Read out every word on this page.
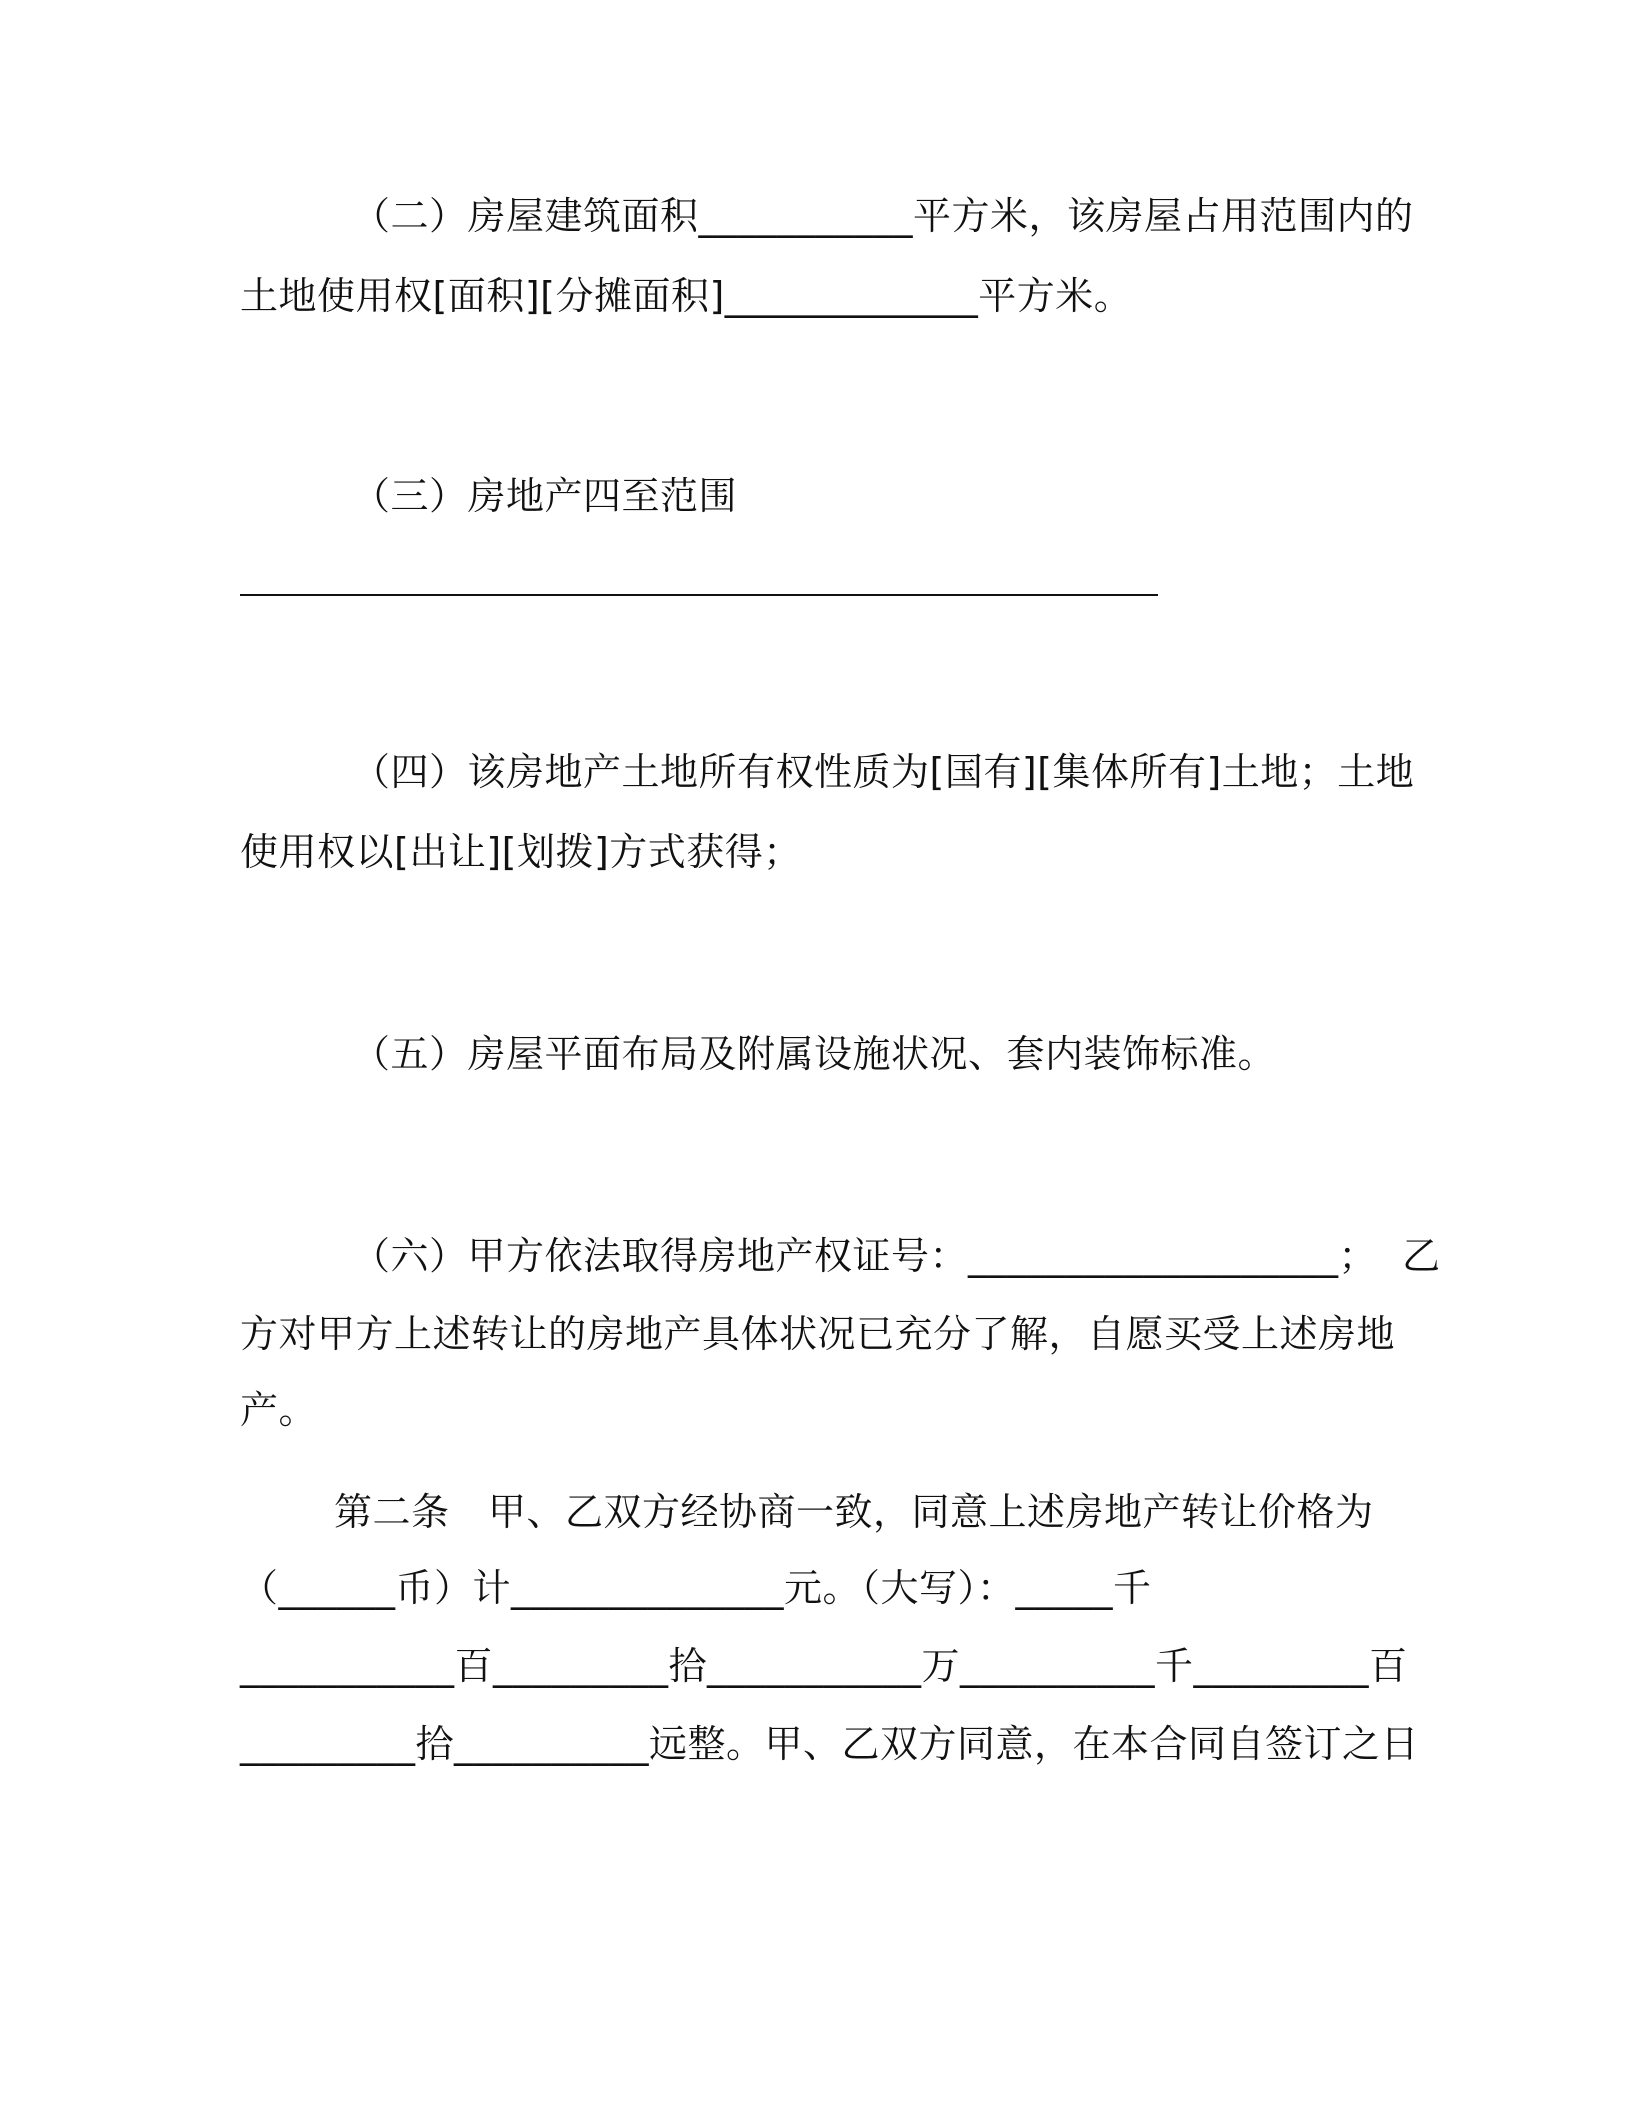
（二）房屋建筑面积___________平方米，该房屋占用范围内的
土地使用权[面积][分摊面积]_____________平方米。
（三）房地产四至范围
（四）该房地产土地所有权性质为[国有][集体所有]土地；土地
使用权以[出让][划拨]方式获得；
（五）房屋平面布局及附属设施状况、套内装饰标准。
（六）甲方依法取得房地产权证号：___________________；  乙
方对甲方上述转让的房地产具体状况已充分了解，自愿买受上述房地
产。
第二条　甲、乙双方经协商一致，同意上述房地产转让价格为
（______币）计______________元。（大写）：_____千
___________百_________拾___________万__________千_________百
_________拾__________远整。甲、乙双方同意，在本合同自签订之日
